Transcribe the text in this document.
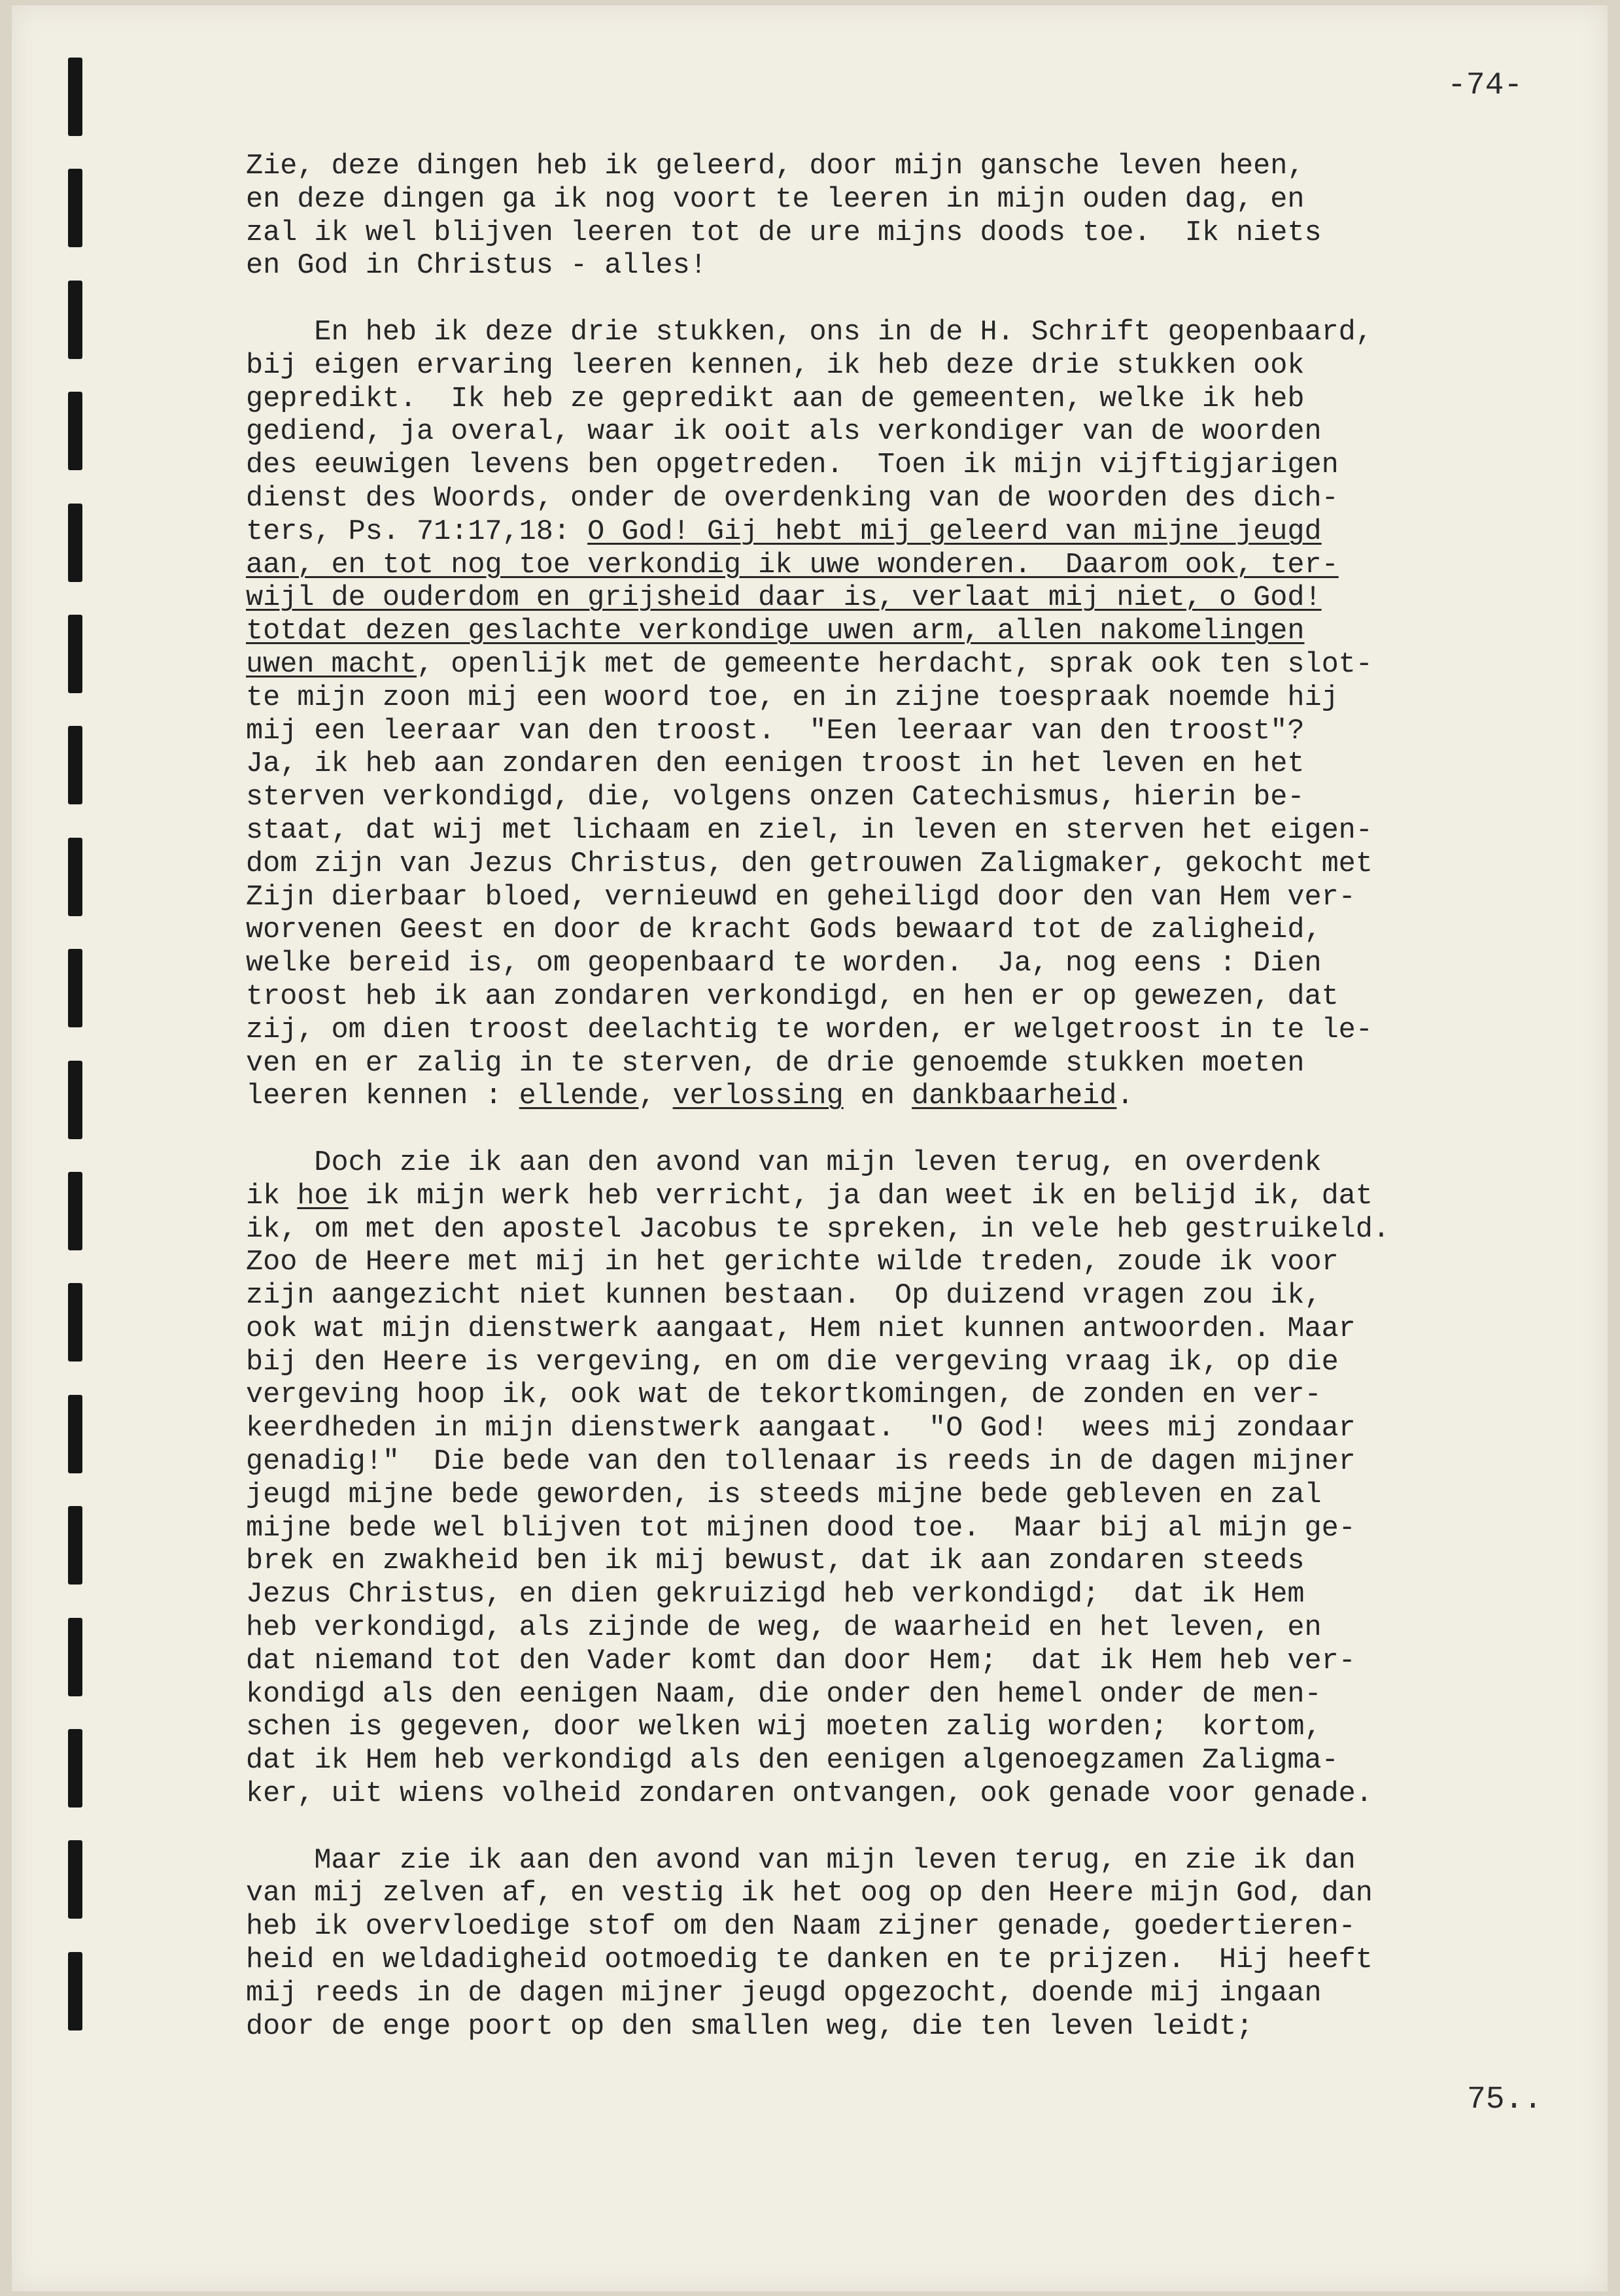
-74-

Zie, deze dingen heb ik geleerd, door mijn gansche leven heen,
en deze dingen ga ik nog voort te leeren in mijn ouden dag, en
zal ik wel blijven leeren tot de ure mijns doods toe.  Ik niets
en God in Christus - alles!
En heb ik deze drie stukken, ons in de H. Schrift geopenbaard,
bij eigen ervaring leeren kennen, ik heb deze drie stukken ook
gepredikt.  Ik heb ze gepredikt aan de gemeenten, welke ik heb
gediend, ja overal, waar ik ooit als verkondiger van de woorden
des eeuwigen levens ben opgetreden.  Toen ik mijn vijftigjarigen
dienst des Woords, onder de overdenking van de woorden des dich-
ters, Ps. 71:17,18: O God! Gij hebt mij geleerd van mijne jeugd
aan, en tot nog toe verkondig ik uwe wonderen.  Daarom ook, ter-
wijl de ouderdom en grijsheid daar is, verlaat mij niet, o God!
totdat dezen geslachte verkondige uwen arm, allen nakomelingen
uwen macht, openlijk met de gemeente herdacht, sprak ook ten slot-
te mijn zoon mij een woord toe, en in zijne toespraak noemde hij
mij een leeraar van den troost.  "Een leeraar van den troost"?
Ja, ik heb aan zondaren den eenigen troost in het leven en het
sterven verkondigd, die, volgens onzen Catechismus, hierin be-
staat, dat wij met lichaam en ziel, in leven en sterven het eigen-
dom zijn van Jezus Christus, den getrouwen Zaligmaker, gekocht met
Zijn dierbaar bloed, vernieuwd en geheiligd door den van Hem ver-
worvenen Geest en door de kracht Gods bewaard tot de zaligheid,
welke bereid is, om geopenbaard te worden.  Ja, nog eens : Dien
troost heb ik aan zondaren verkondigd, en hen er op gewezen, dat
zij, om dien troost deelachtig te worden, er welgetroost in te le-
ven en er zalig in te sterven, de drie genoemde stukken moeten
leeren kennen : ellende, verlossing en dankbaarheid.
Doch zie ik aan den avond van mijn leven terug, en overdenk
ik hoe ik mijn werk heb verricht, ja dan weet ik en belijd ik, dat
ik, om met den apostel Jacobus te spreken, in vele heb gestruikeld.
Zoo de Heere met mij in het gerichte wilde treden, zoude ik voor
zijn aangezicht niet kunnen bestaan.  Op duizend vragen zou ik,
ook wat mijn dienstwerk aangaat, Hem niet kunnen antwoorden. Maar
bij den Heere is vergeving, en om die vergeving vraag ik, op die
vergeving hoop ik, ook wat de tekortkomingen, de zonden en ver-
keerdheden in mijn dienstwerk aangaat.  "O God!  wees mij zondaar
genadig!"  Die bede van den tollenaar is reeds in de dagen mijner
jeugd mijne bede geworden, is steeds mijne bede gebleven en zal
mijne bede wel blijven tot mijnen dood toe.  Maar bij al mijn ge-
brek en zwakheid ben ik mij bewust, dat ik aan zondaren steeds
Jezus Christus, en dien gekruizigd heb verkondigd;  dat ik Hem
heb verkondigd, als zijnde de weg, de waarheid en het leven, en
dat niemand tot den Vader komt dan door Hem;  dat ik Hem heb ver-
kondigd als den eenigen Naam, die onder den hemel onder de men-
schen is gegeven, door welken wij moeten zalig worden;  kortom,
dat ik Hem heb verkondigd als den eenigen algenoegzamen Zaligma-
ker, uit wiens volheid zondaren ontvangen, ook genade voor genade.
Maar zie ik aan den avond van mijn leven terug, en zie ik dan
van mij zelven af, en vestig ik het oog op den Heere mijn God, dan
heb ik overvloedige stof om den Naam zijner genade, goedertieren-
heid en weldadigheid ootmoedig te danken en te prijzen.  Hij heeft
mij reeds in de dagen mijner jeugd opgezocht, doende mij ingaan
door de enge poort op den smallen weg, die ten leven leidt;

75..
